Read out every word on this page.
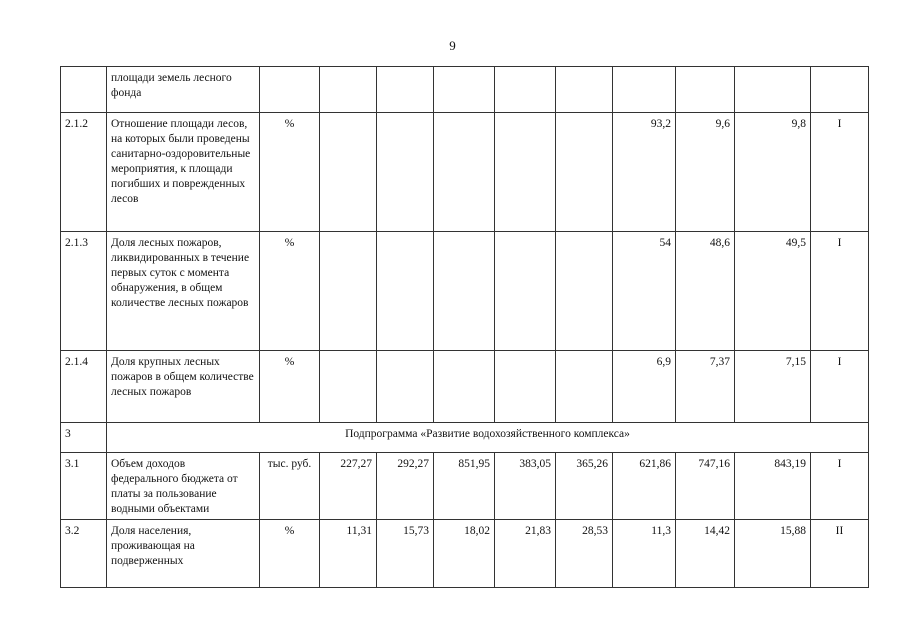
9
	площади земель лесного фонда										
2.1.2	Отношение площади лесов, на которых были проведены санитарно-оздоровительные мероприятия, к площади погибших и поврежденных лесов	%						93,2	9,6	9,8	I
2.1.3	Доля лесных пожаров, ликвидированных в течение первых суток с момента обнаружения, в общем количестве лесных пожаров	%						54	48,6	49,5	I
2.1.4	Доля крупных лесных пожаров в общем количестве лесных пожаров	%						6,9	7,37	7,15	I
3	Подпрограмма «Развитие водохозяйственного комплекса»										
3.1	Объем доходов федерального бюджета от платы за пользование водными объектами	тыс. руб.	227,27	292,27	851,95	383,05	365,26	621,86	747,16	843,19	I
3.2	Доля населения, проживающая на подверженных	%	11,31	15,73	18,02	21,83	28,53	11,3	14,42	15,88	II
